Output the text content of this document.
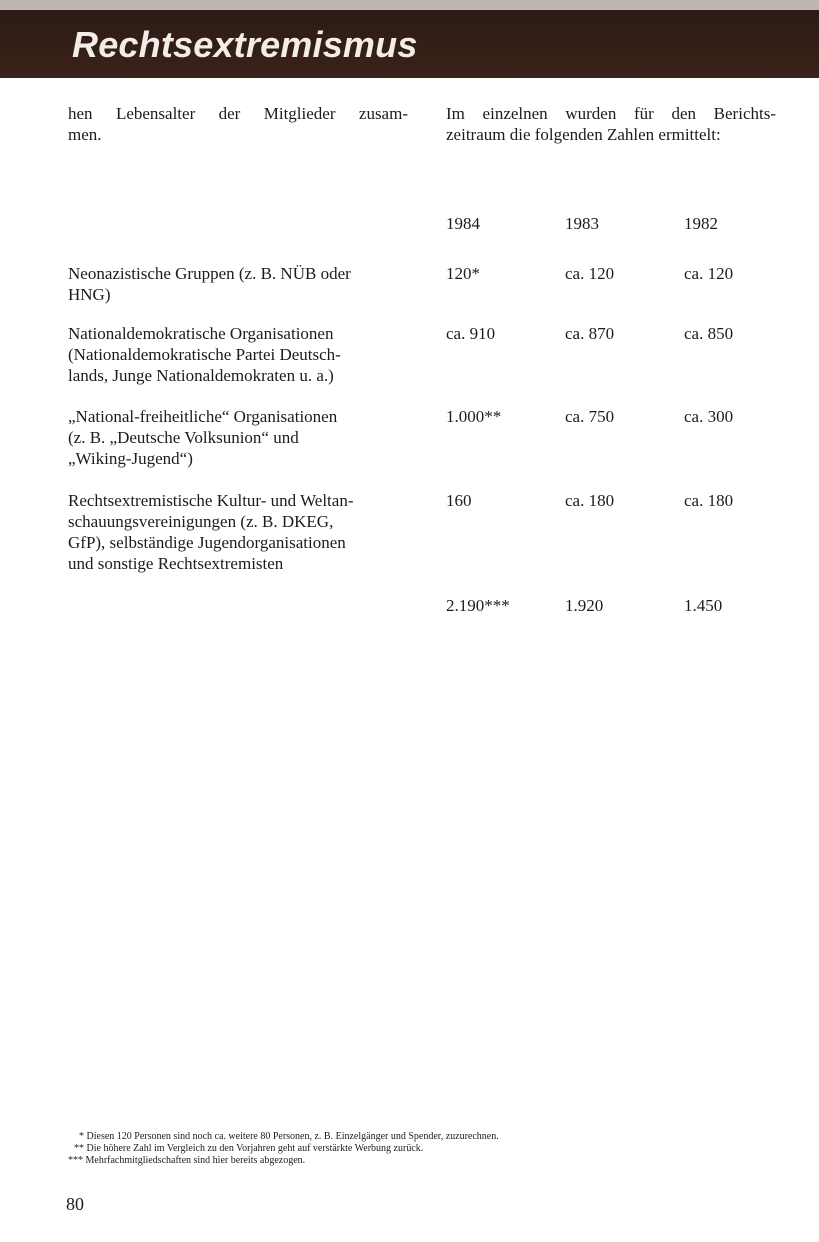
Rechtsextremismus
hen Lebensalter der Mitglieder zusam-
men.
Im einzelnen wurden für den Berichts-
zeitraum die folgenden Zahlen ermittelt:
1984	1983	1982
Neonazistische Gruppen (z. B. NÜB oder
HNG)
120*	ca. 120	ca. 120
Nationaldemokratische Organisationen
(Nationaldemokratische Partei Deutsch-
lands, Junge Nationaldemokraten u. a.)
ca. 910	ca. 870	ca. 850
„National-freiheitliche“ Organisationen
(z. B. „Deutsche Volksunion“ und
„Wiking-Jugend“)
1.000**	ca. 750	ca. 300
Rechtsextremistische Kultur- und Weltan-
schauungsvereinigungen (z. B. DKEG,
GfP), selbständige Jugendorganisationen
und sonstige Rechtsextremisten
160	ca. 180	ca. 180
2.190***	1.920	1.450
* Diesen 120 Personen sind noch ca. weitere 80 Personen, z. B. Einzelgänger und Spender, zuzurechnen.
** Die höhere Zahl im Vergleich zu den Vorjahren geht auf verstärkte Werbung zurück.
*** Mehrfachmitgliedschaften sind hier bereits abgezogen.
80
